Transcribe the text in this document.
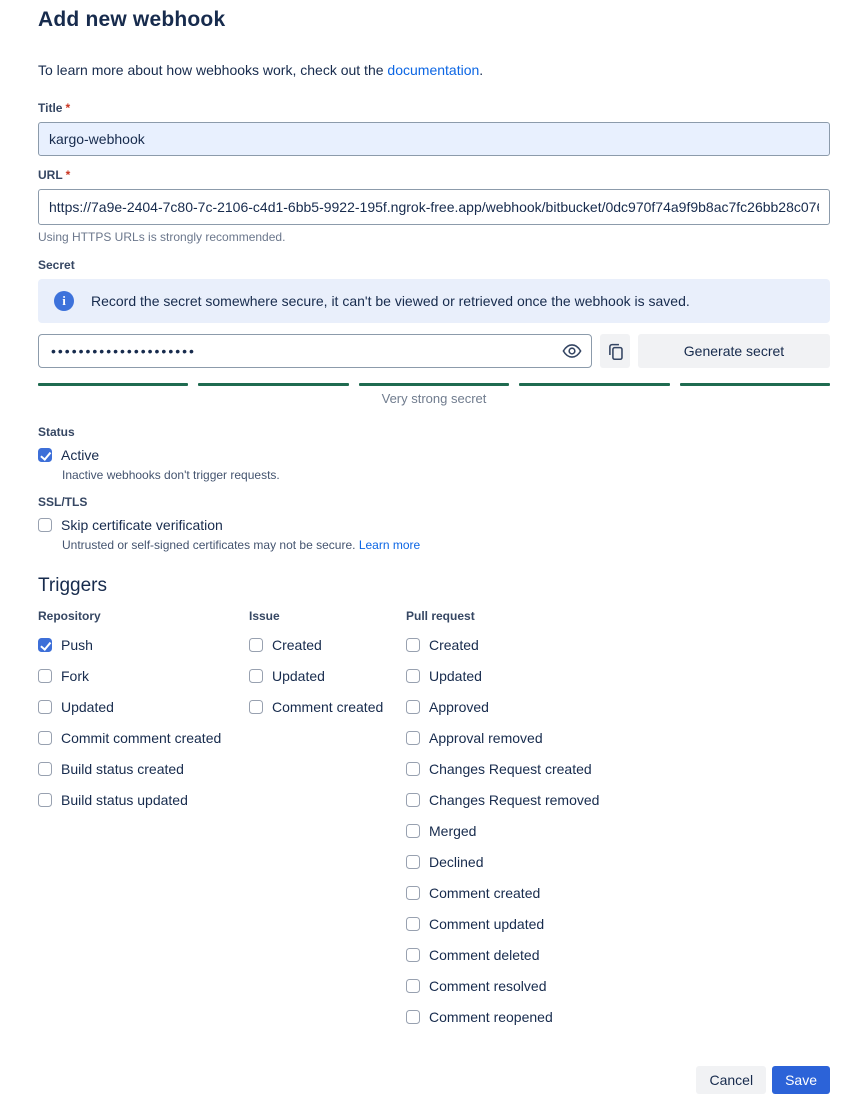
Add new webhook

To learn more about how webhooks work, check out the documentation.

Title *
kargo-webhook
URL *
https://7a9e-2404-7c80-7c-2106-c4d1-6bb5-9922-195f.ngrok-free.app/webhook/bitbucket/0dc970f74a9f9b8ac7fc26bb28c076c0c9
Using HTTPS URLs is strongly recommended.
Secret
i	Record the secret somewhere secure, it can't be viewed or retrieved once the webhook is saved.
•••••••••••••••••••••
Generate secret
Very strong secret
Status
Active
Inactive webhooks don't trigger requests.
SSL/TLS
Skip certificate verification
Untrusted or self-signed certificates may not be secure. Learn more
Triggers
Repository
Push
Fork
Updated
Commit comment created
Build status created
Build status updated
Issue
Created
Updated
Comment created
Pull request
Created
Updated
Approved
Approval removed
Changes Request created
Changes Request removed
Merged
Declined
Comment created
Comment updated
Comment deleted
Comment resolved
Comment reopened
Cancel	Save
